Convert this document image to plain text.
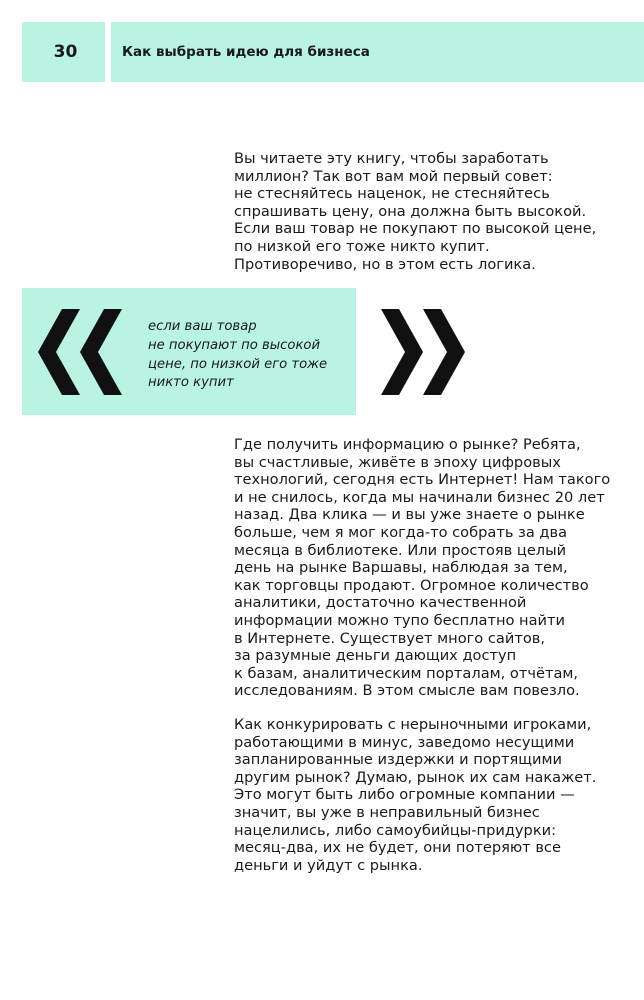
30	Как выбрать идею для бизнеса
Вы читаете эту книгу, чтобы заработать
миллион? Так вот вам мой первый совет:
не стесняйтесь наценок, не стесняйтесь
спрашивать цену, она должна быть высокой.
Если ваш товар не покупают по высокой цене,
по низкой его тоже никто купит.
Противоречиво, но в этом есть логика.
если ваш товар
не покупают по высокой
цене, по низкой его тоже
никто купит
Где получить информацию о рынке? Ребята,
вы счастливые, живёте в эпоху цифровых
технологий, сегодня есть Интернет! Нам такого
и не снилось, когда мы начинали бизнес 20 лет
назад. Два клика — и вы уже знаете о рынке
больше, чем я мог когда-то собрать за два
месяца в библиотеке. Или простояв целый
день на рынке Варшавы, наблюдая за тем,
как торговцы продают. Огромное количество
аналитики, достаточно качественной
информации можно тупо бесплатно найти
в Интернете. Существует много сайтов,
за разумные деньги дающих доступ
к базам, аналитическим порталам, отчётам,
исследованиям. В этом смысле вам повезло.
Как конкурировать с нерыночными игроками,
работающими в минус, заведомо несущими
запланированные издержки и портящими
другим рынок? Думаю, рынок их сам накажет.
Это могут быть либо огромные компании —
значит, вы уже в неправильный бизнес
нацелились, либо самоубийцы-придурки:
месяц-два, их не будет, они потеряют все
деньги и уйдут с рынка.
